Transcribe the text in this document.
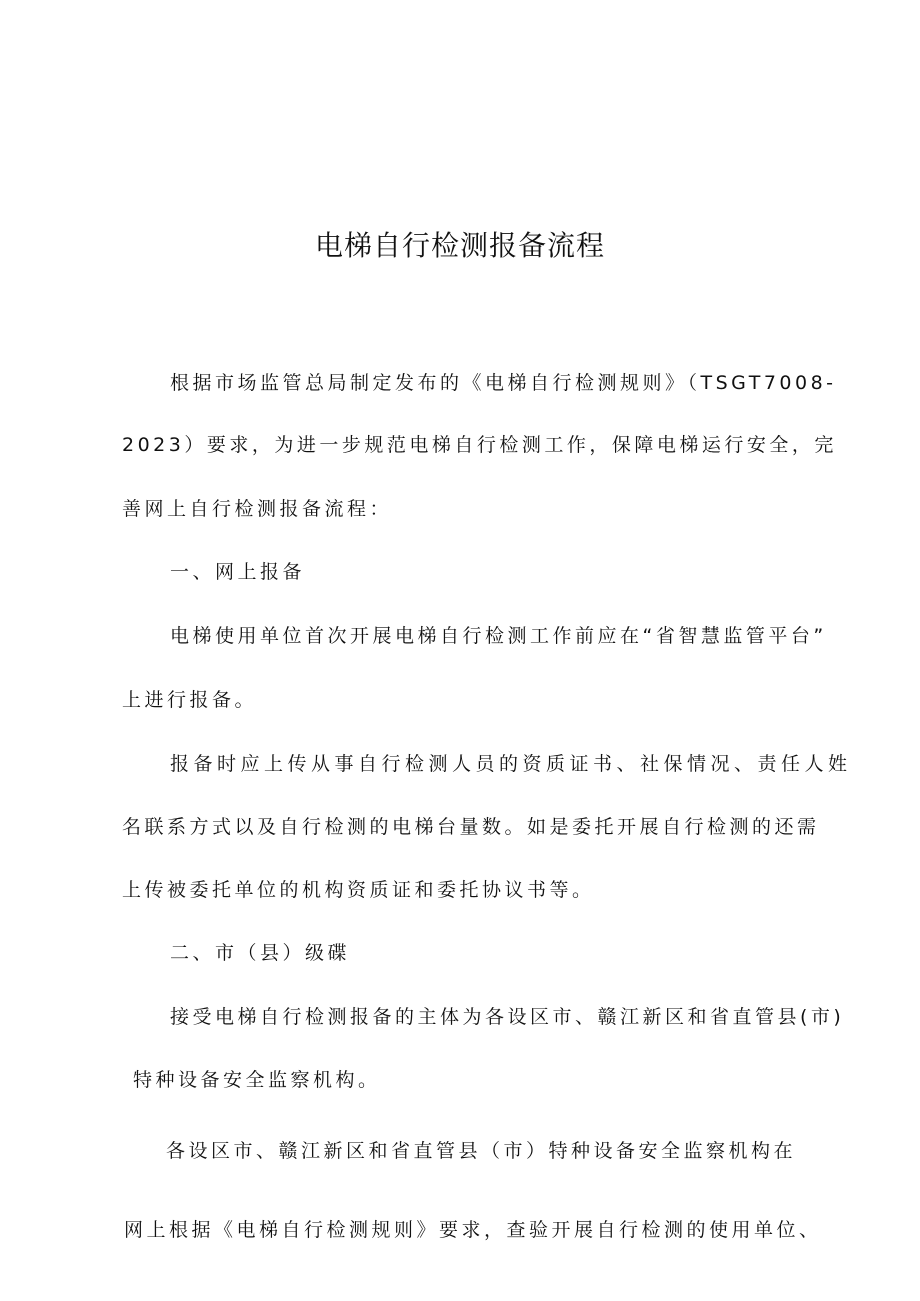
电梯自行检测报备流程
根据市场监管总局制定发布的《电梯自行检测规则》（TSGT7008-
2023）要求，为进一步规范电梯自行检测工作，保障电梯运行安全，完
善网上自行检测报备流程：
一、网上报备
电梯使用单位首次开展电梯自行检测工作前应在“省智慧监管平台”
上进行报备。
报备时应上传从事自行检测人员的资质证书、社保情况、责任人姓
名联系方式以及自行检测的电梯台量数。如是委托开展自行检测的还需
上传被委托单位的机构资质证和委托协议书等。
二、市（县）级碟
接受电梯自行检测报备的主体为各设区市、赣江新区和省直管县(市)
特种设备安全监察机构。
各设区市、赣江新区和省直管县（市）特种设备安全监察机构在
网上根据《电梯自行检测规则》要求，查验开展自行检测的使用单位、
